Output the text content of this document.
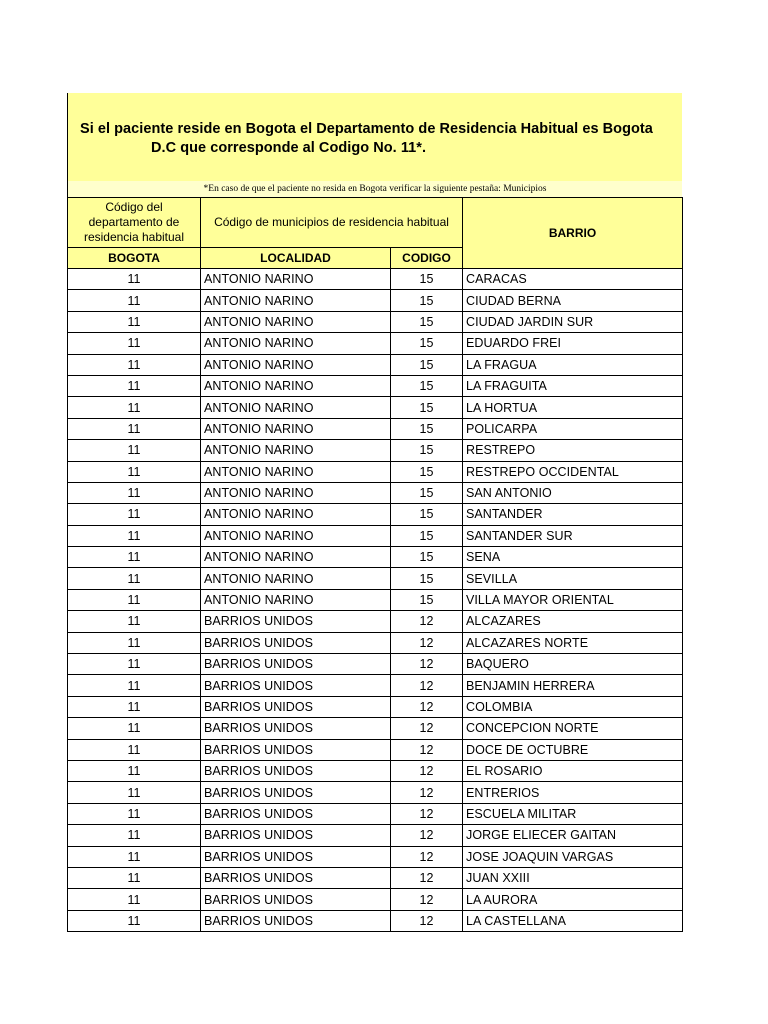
Si el paciente reside en Bogota el Departamento de Residencia Habitual es Bogota
D.C que corresponde al Codigo No. 11*.
*En caso de que el paciente no resida en Bogota verificar la siguiente pestaña: Municipios
Código del departamento de residencia habitual	Código de municipios de residencia habitual		BARRIO
BOGOTA	LOCALIDAD	CODIGO	
11	ANTONIO NARINO	15	CARACAS
11	ANTONIO NARINO	15	CIUDAD BERNA
11	ANTONIO NARINO	15	CIUDAD JARDIN SUR
11	ANTONIO NARINO	15	EDUARDO FREI
11	ANTONIO NARINO	15	LA FRAGUA
11	ANTONIO NARINO	15	LA FRAGUITA
11	ANTONIO NARINO	15	LA HORTUA
11	ANTONIO NARINO	15	POLICARPA
11	ANTONIO NARINO	15	RESTREPO
11	ANTONIO NARINO	15	RESTREPO OCCIDENTAL
11	ANTONIO NARINO	15	SAN ANTONIO
11	ANTONIO NARINO	15	SANTANDER
11	ANTONIO NARINO	15	SANTANDER SUR
11	ANTONIO NARINO	15	SENA
11	ANTONIO NARINO	15	SEVILLA
11	ANTONIO NARINO	15	VILLA MAYOR ORIENTAL
11	BARRIOS UNIDOS	12	ALCAZARES
11	BARRIOS UNIDOS	12	ALCAZARES NORTE
11	BARRIOS UNIDOS	12	BAQUERO
11	BARRIOS UNIDOS	12	BENJAMIN HERRERA
11	BARRIOS UNIDOS	12	COLOMBIA
11	BARRIOS UNIDOS	12	CONCEPCION NORTE
11	BARRIOS UNIDOS	12	DOCE DE OCTUBRE
11	BARRIOS UNIDOS	12	EL ROSARIO
11	BARRIOS UNIDOS	12	ENTRERIOS
11	BARRIOS UNIDOS	12	ESCUELA MILITAR
11	BARRIOS UNIDOS	12	JORGE ELIECER GAITAN
11	BARRIOS UNIDOS	12	JOSE JOAQUIN VARGAS
11	BARRIOS UNIDOS	12	JUAN XXIII
11	BARRIOS UNIDOS	12	LA AURORA
11	BARRIOS UNIDOS	12	LA CASTELLANA
